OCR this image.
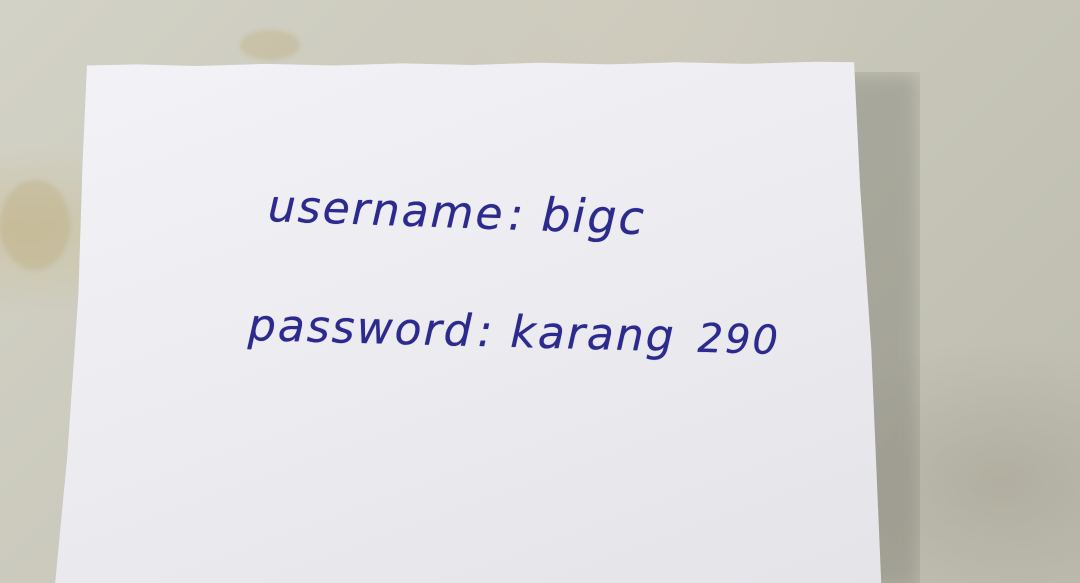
username: bigc

password: karang 290
